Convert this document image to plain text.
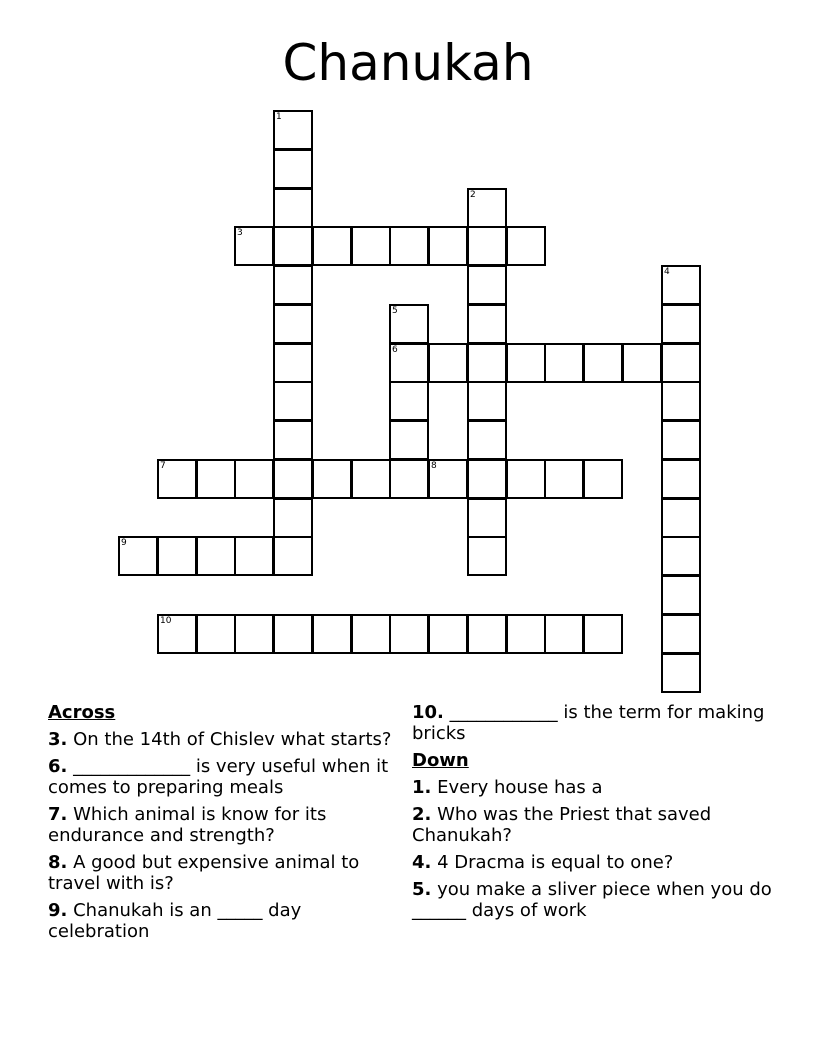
Chanukah
1
2
3
4
5
6
7	8
9
10
Across
3. On the 14th of Chislev what starts?
6. _____________ is very useful when it comes to preparing meals
7. Which animal is know for its endurance and strength?
8. A good but expensive animal to travel with is?
9. Chanukah is an _____ day celebration
10. ____________ is the term for making bricks
Down
1. Every house has a
2. Who was the Priest that saved Chanukah?
4. 4 Dracma is equal to one?
5. you make a sliver piece when you do ______ days of work
